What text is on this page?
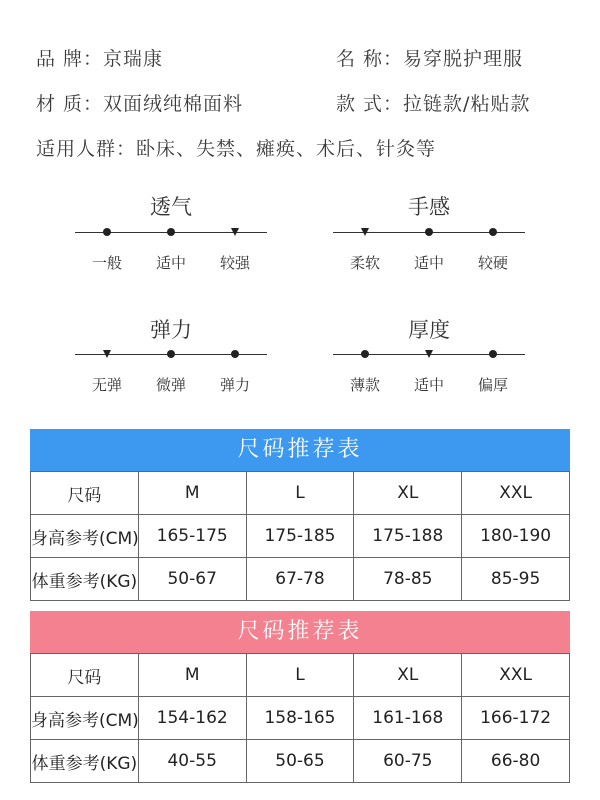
品 牌：京瑞康	名 称：易穿脱护理服
材 质：双面绒纯棉面料	款 式：拉链款/粘贴款
适用人群：卧床、失禁、瘫痪、术后、针灸等
透气
一般 适中 较强
手感
柔软 适中 较硬
弹力
无弹 微弹 弹力
厚度
薄款 适中 偏厚
尺码推荐表
尺码	M	L	XL	XXL
身高参考(CM)	165-175	175-185	175-188	180-190
体重参考(KG)	50-67	67-78	78-85	85-95
尺码推荐表
尺码	M	L	XL	XXL
身高参考(CM)	154-162	158-165	161-168	166-172
体重参考(KG)	40-55	50-65	60-75	66-80
